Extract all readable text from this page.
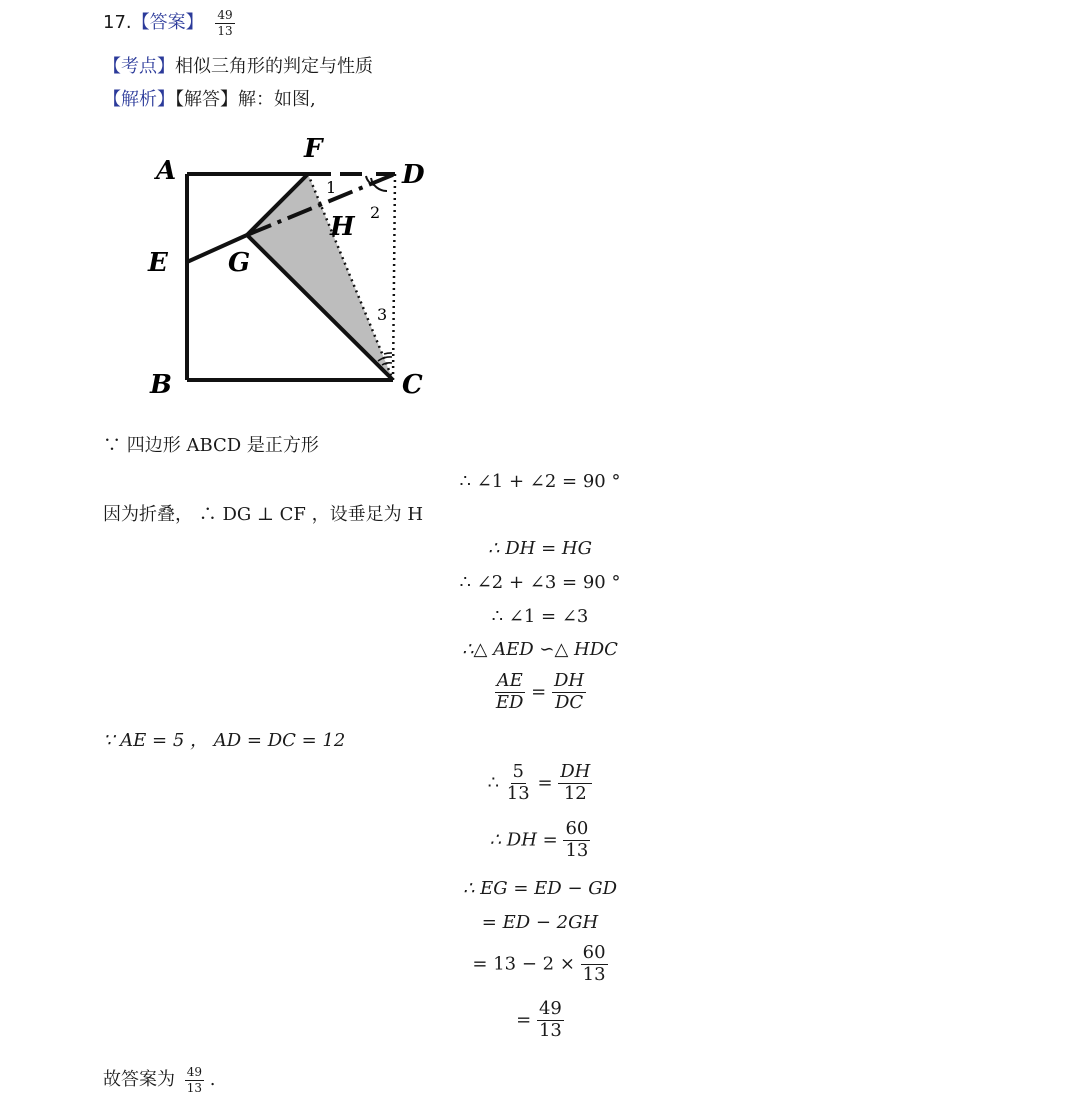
17.【答案】 $\frac{49}{13}$
【考点】相似三角形的判定与性质
【解析】【解答】解：如图,
A
B	C
D
E
F
G
H
1
2
3
∵ 四边形 ABCD 是正方形
∴ ∠1 + ∠2 = 90 °
因为折叠， ∴ DG ⊥ CF ，设垂足为 H
∴ DH = HG
∴ ∠2 + ∠3 = 90 °
∴ ∠1 = ∠3
∴△ AED ∽△ HDC
$\frac{AE}{ED} = \frac{DH}{DC}$
∵ AE = 5 ， AD = DC = 12
∴ $\frac{5}{13} = \frac{DH}{12}$
∴ DH = $\frac{60}{13}$
∴ EG = ED − GD
= ED − 2GH
= $13 - 2 \times \frac{60}{13}$
= $\frac{49}{13}$
故答案为 $\frac{49}{13}$ .
